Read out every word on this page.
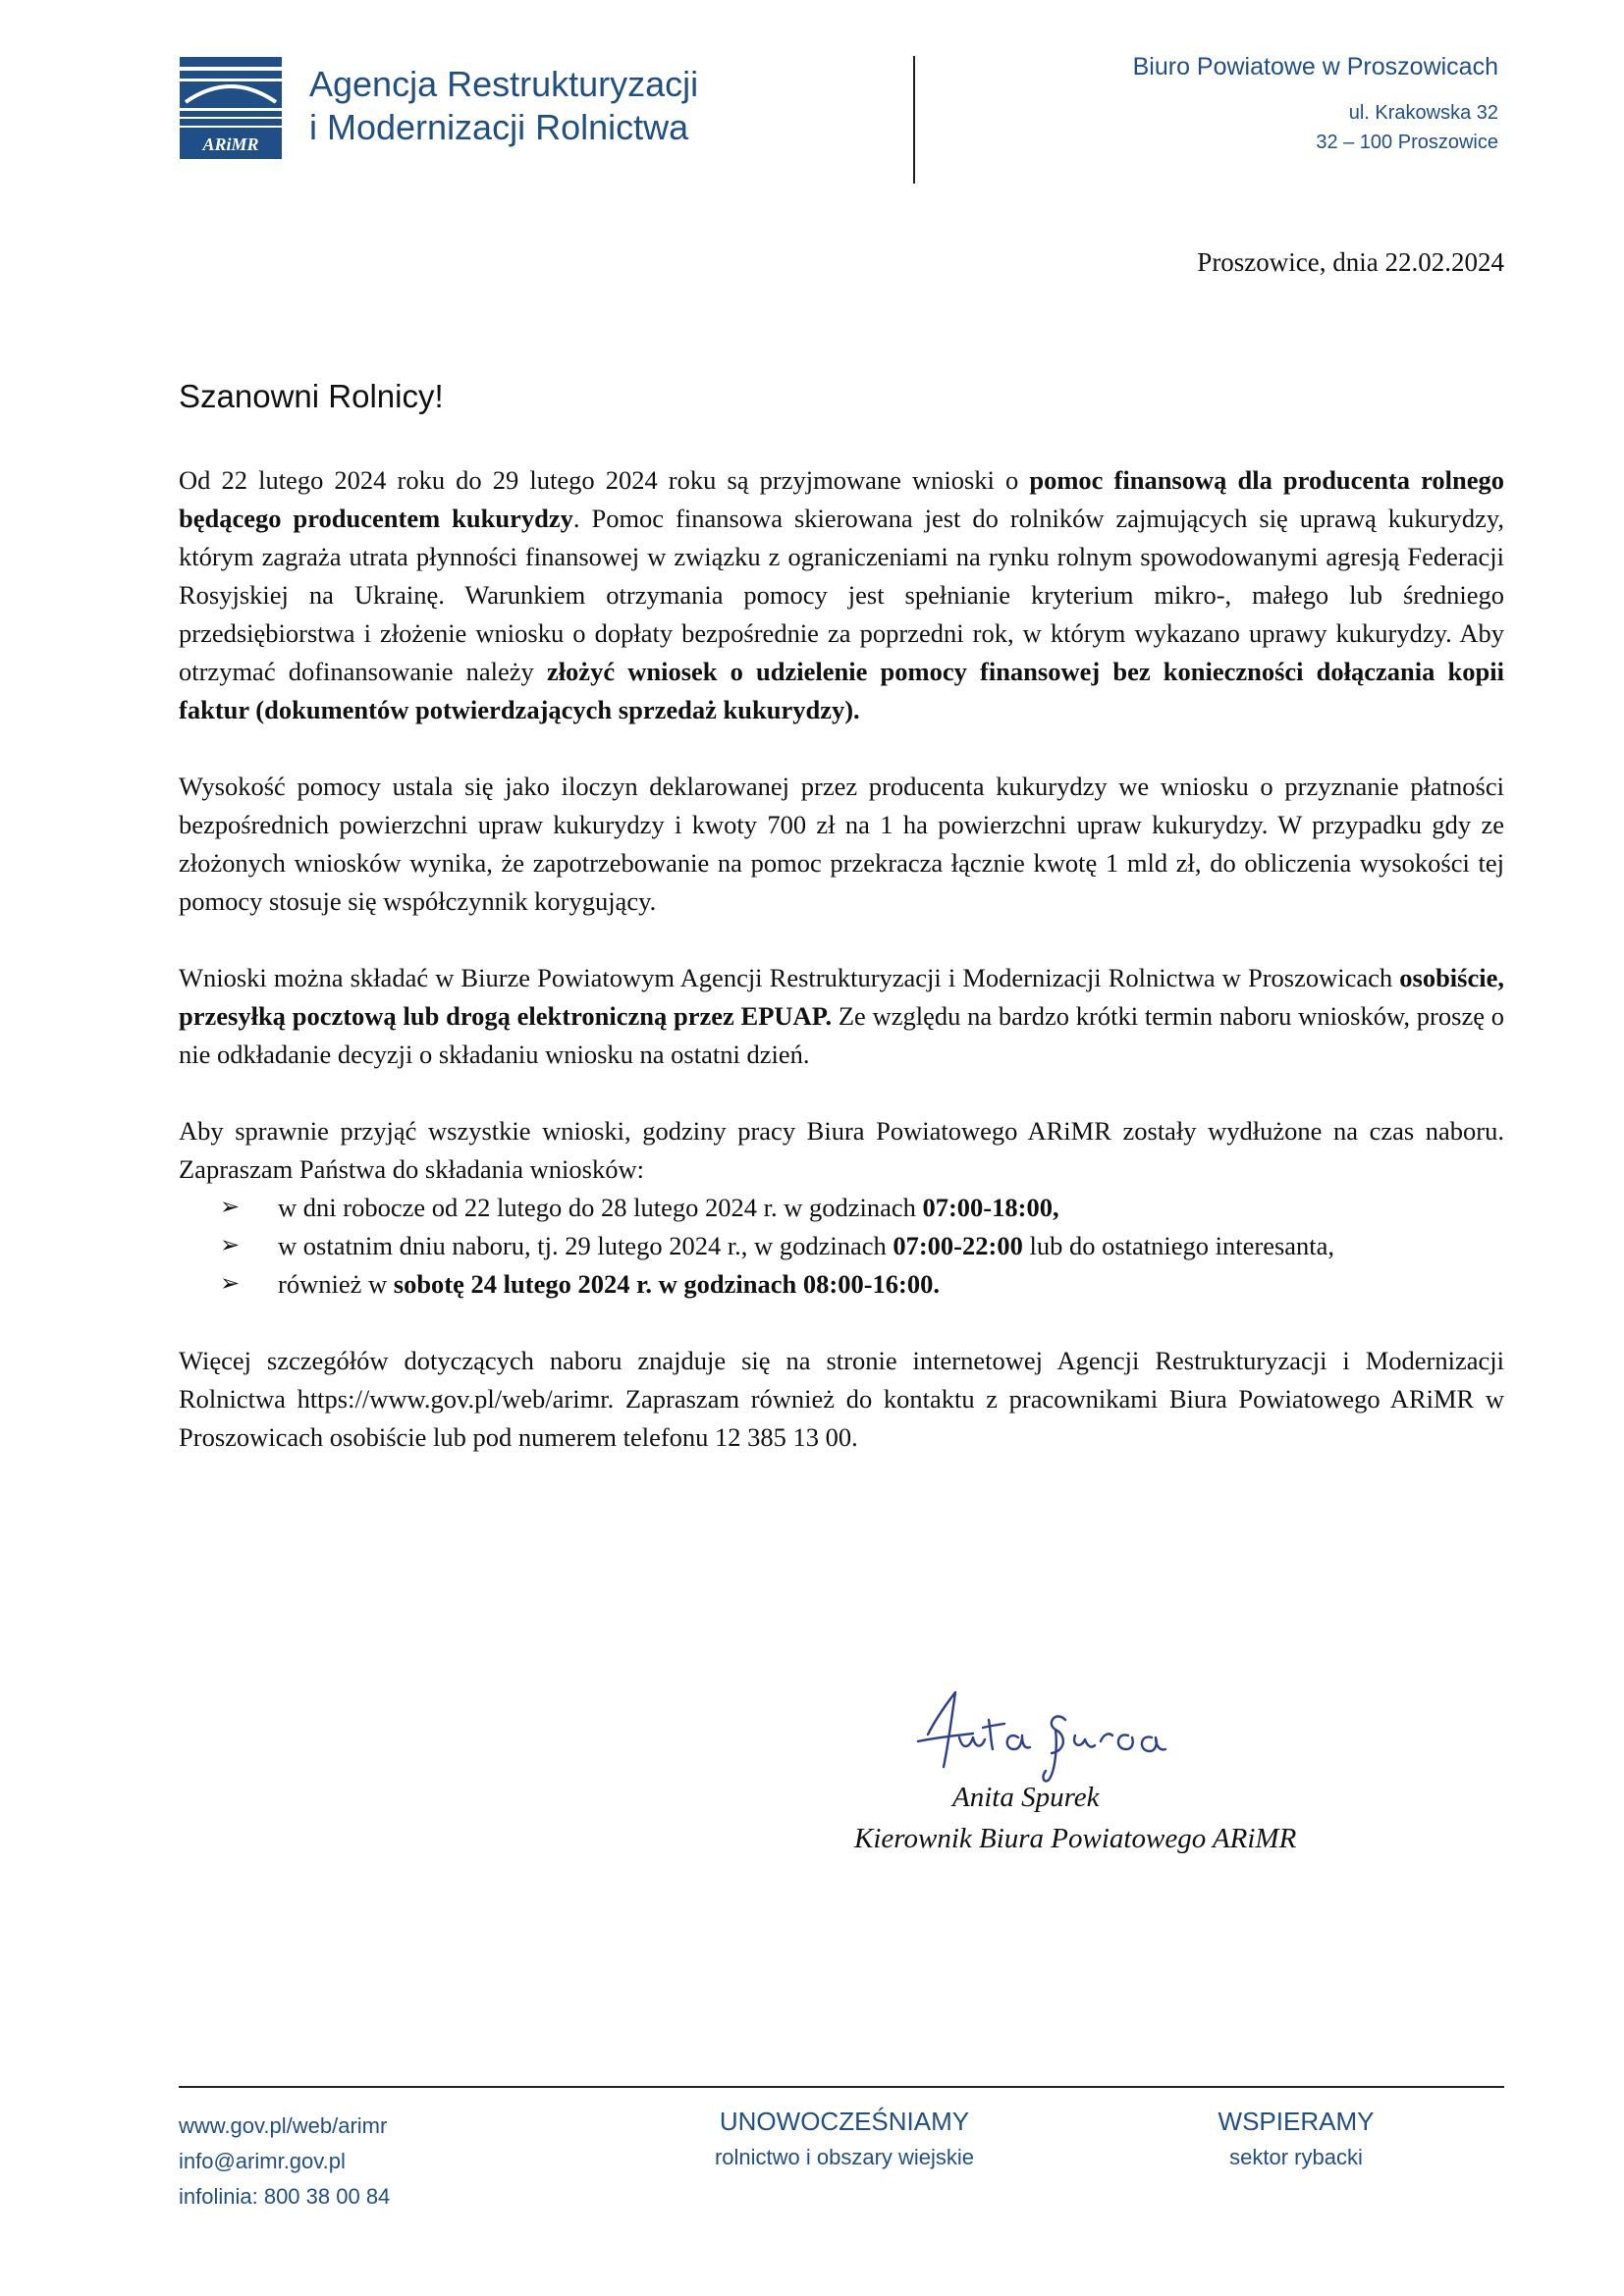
ARiMR
Agencja Restrukturyzacji
i Modernizacji Rolnictwa
Biuro Powiatowe w Proszowicach
ul. Krakowska 32
32 – 100 Proszowice
Proszowice, dnia 22.02.2024
Szanowni Rolnicy!

Od 22 lutego 2024 roku do 29 lutego 2024 roku są przyjmowane wnioski o pomoc finansową dla producenta rolnego będącego producentem kukurydzy. Pomoc finansowa skierowana jest do rolników zajmujących się uprawą kukurydzy, którym zagraża utrata płynności finansowej w związku z ograniczeniami na rynku rolnym spowodowanymi agresją Federacji Rosyjskiej na Ukrainę. Warunkiem otrzymania pomocy jest spełnianie kryterium mikro-, małego lub średniego przedsiębiorstwa i złożenie wniosku o dopłaty bezpośrednie za poprzedni rok, w którym wykazano uprawy kukurydzy. Aby otrzymać dofinansowanie należy złożyć wniosek o udzielenie pomocy finansowej bez konieczności dołączania kopii faktur (dokumentów potwierdzających sprzedaż kukurydzy).

Wysokość pomocy ustala się jako iloczyn deklarowanej przez producenta kukurydzy we wniosku o przyznanie płatności bezpośrednich powierzchni upraw kukurydzy i kwoty 700 zł na 1 ha powierzchni upraw kukurydzy. W przypadku gdy ze złożonych wniosków wynika, że zapotrzebowanie na pomoc przekracza łącznie kwotę 1 mld zł, do obliczenia wysokości tej pomocy stosuje się współczynnik korygujący.

Wnioski można składać w Biurze Powiatowym Agencji Restrukturyzacji i Modernizacji Rolnictwa w Proszowicach osobiście, przesyłką pocztową lub drogą elektroniczną przez EPUAP. Ze względu na bardzo krótki termin naboru wniosków, proszę o nie odkładanie decyzji o składaniu wniosku na ostatni dzień.

Aby sprawnie przyjąć wszystkie wnioski, godziny pracy Biura Powiatowego ARiMR zostały wydłużone na czas naboru. Zapraszam Państwa do składania wniosków:
➢ w dni robocze od 22 lutego do 28 lutego 2024 r. w godzinach 07:00-18:00,
➢ w ostatnim dniu naboru, tj. 29 lutego 2024 r., w godzinach 07:00-22:00 lub do ostatniego interesanta,
➢ również w sobotę 24 lutego 2024 r. w godzinach 08:00-16:00.

Więcej szczegółów dotyczących naboru znajduje się na stronie internetowej Agencji Restrukturyzacji i Modernizacji Rolnictwa https://www.gov.pl/web/arimr. Zapraszam również do kontaktu z pracownikami Biura Powiatowego ARiMR w Proszowicach osobiście lub pod numerem telefonu 12 385 13 00.

Anita Spurek
Kierownik Biura Powiatowego ARiMR
www.gov.pl/web/arimr
info@arimr.gov.pl
infolinia: 800 38 00 84
UNOWOCZEŚNIAMY
rolnictwo i obszary wiejskie
WSPIERAMY
sektor rybacki
